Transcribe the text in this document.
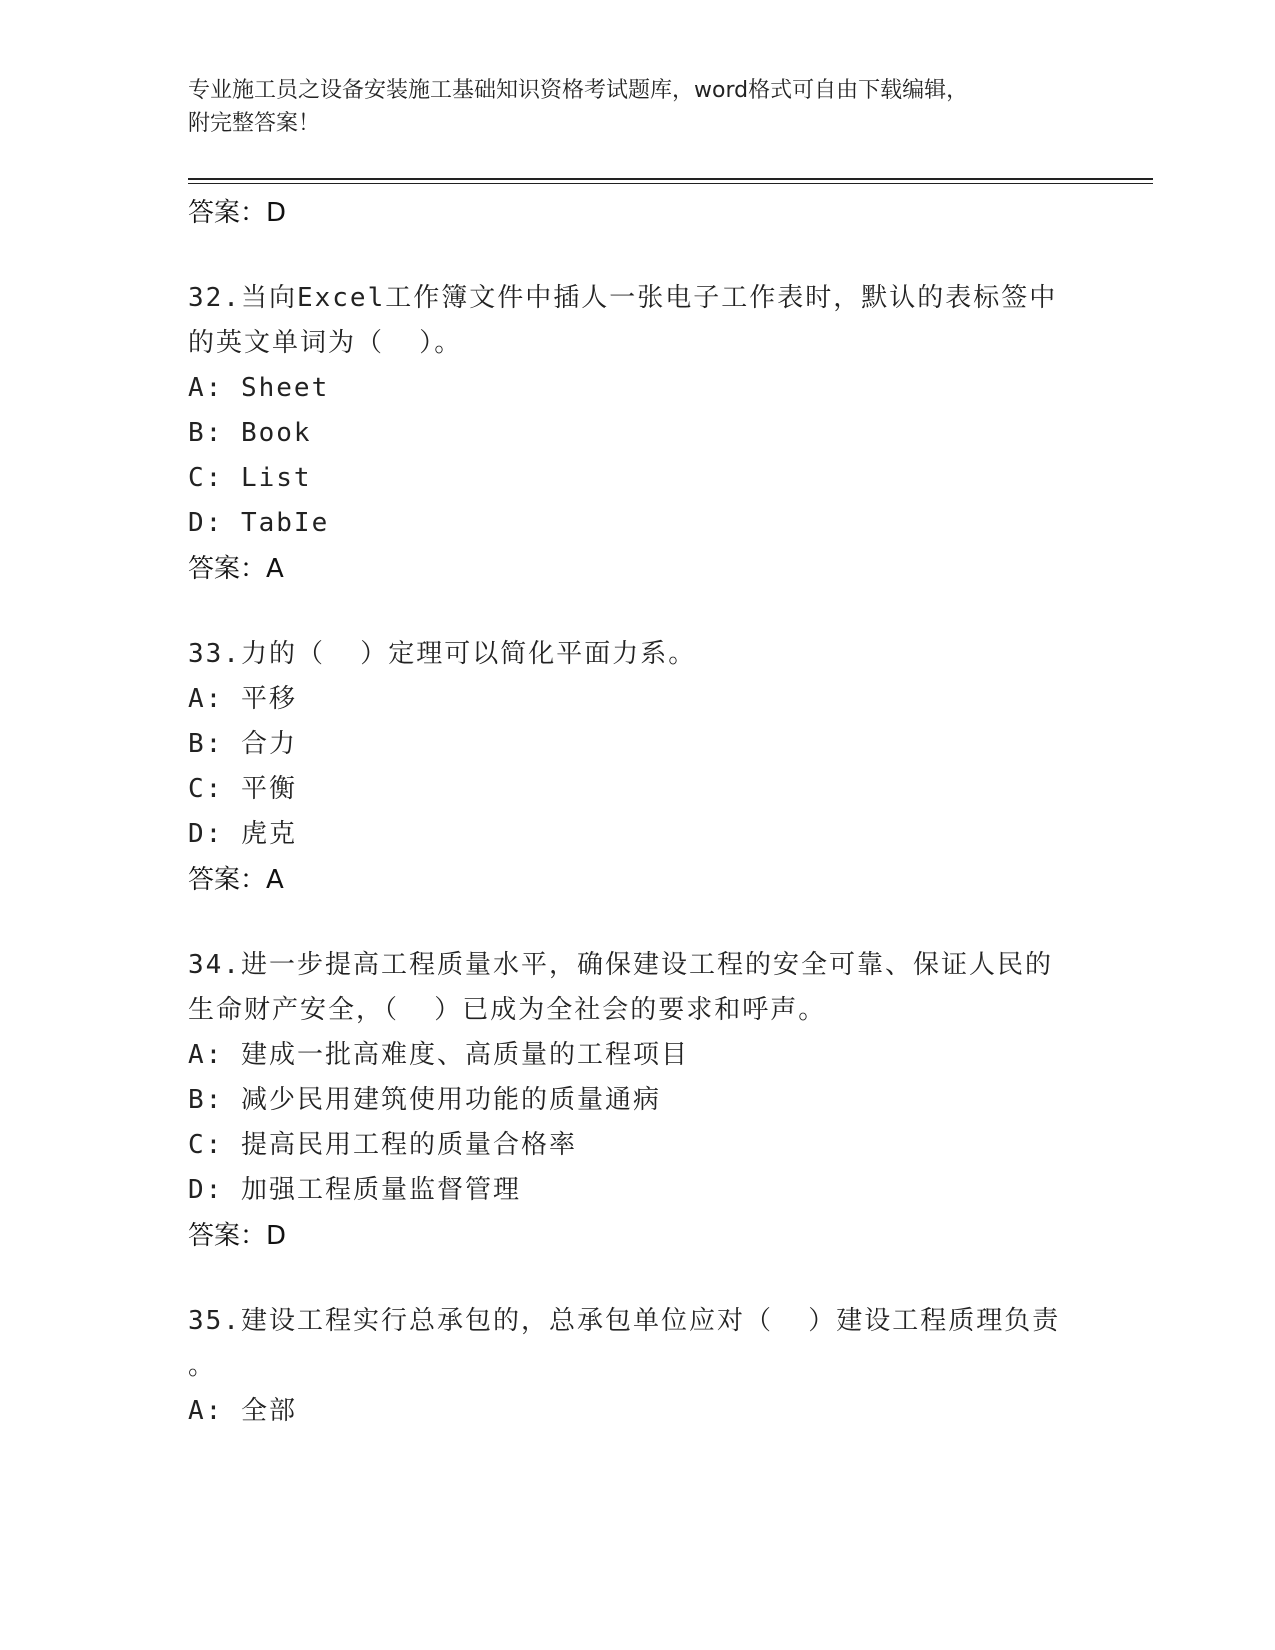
专业施工员之设备安装施工基础知识资格考试题库，word格式可自由下载编辑，
附完整答案！
答案：D
32.当向Excel工作簿文件中插人一张电子工作表时，默认的表标签中
的英文单词为（  ）。
A: Sheet
B: Book
C: List
D: TabIe
答案：A
33.力的（  ）定理可以简化平面力系。
A: 平移
B: 合力
C: 平衡
D: 虎克
答案：A
34.进一步提高工程质量水平，确保建设工程的安全可靠、保证人民的
生命财产安全，（  ）已成为全社会的要求和呼声。
A: 建成一批高难度、高质量的工程项目
B: 减少民用建筑使用功能的质量通病
C: 提高民用工程的质量合格率
D: 加强工程质量监督管理
答案：D
35.建设工程实行总承包的，总承包单位应对（  ）建设工程质理负责
。
A: 全部
